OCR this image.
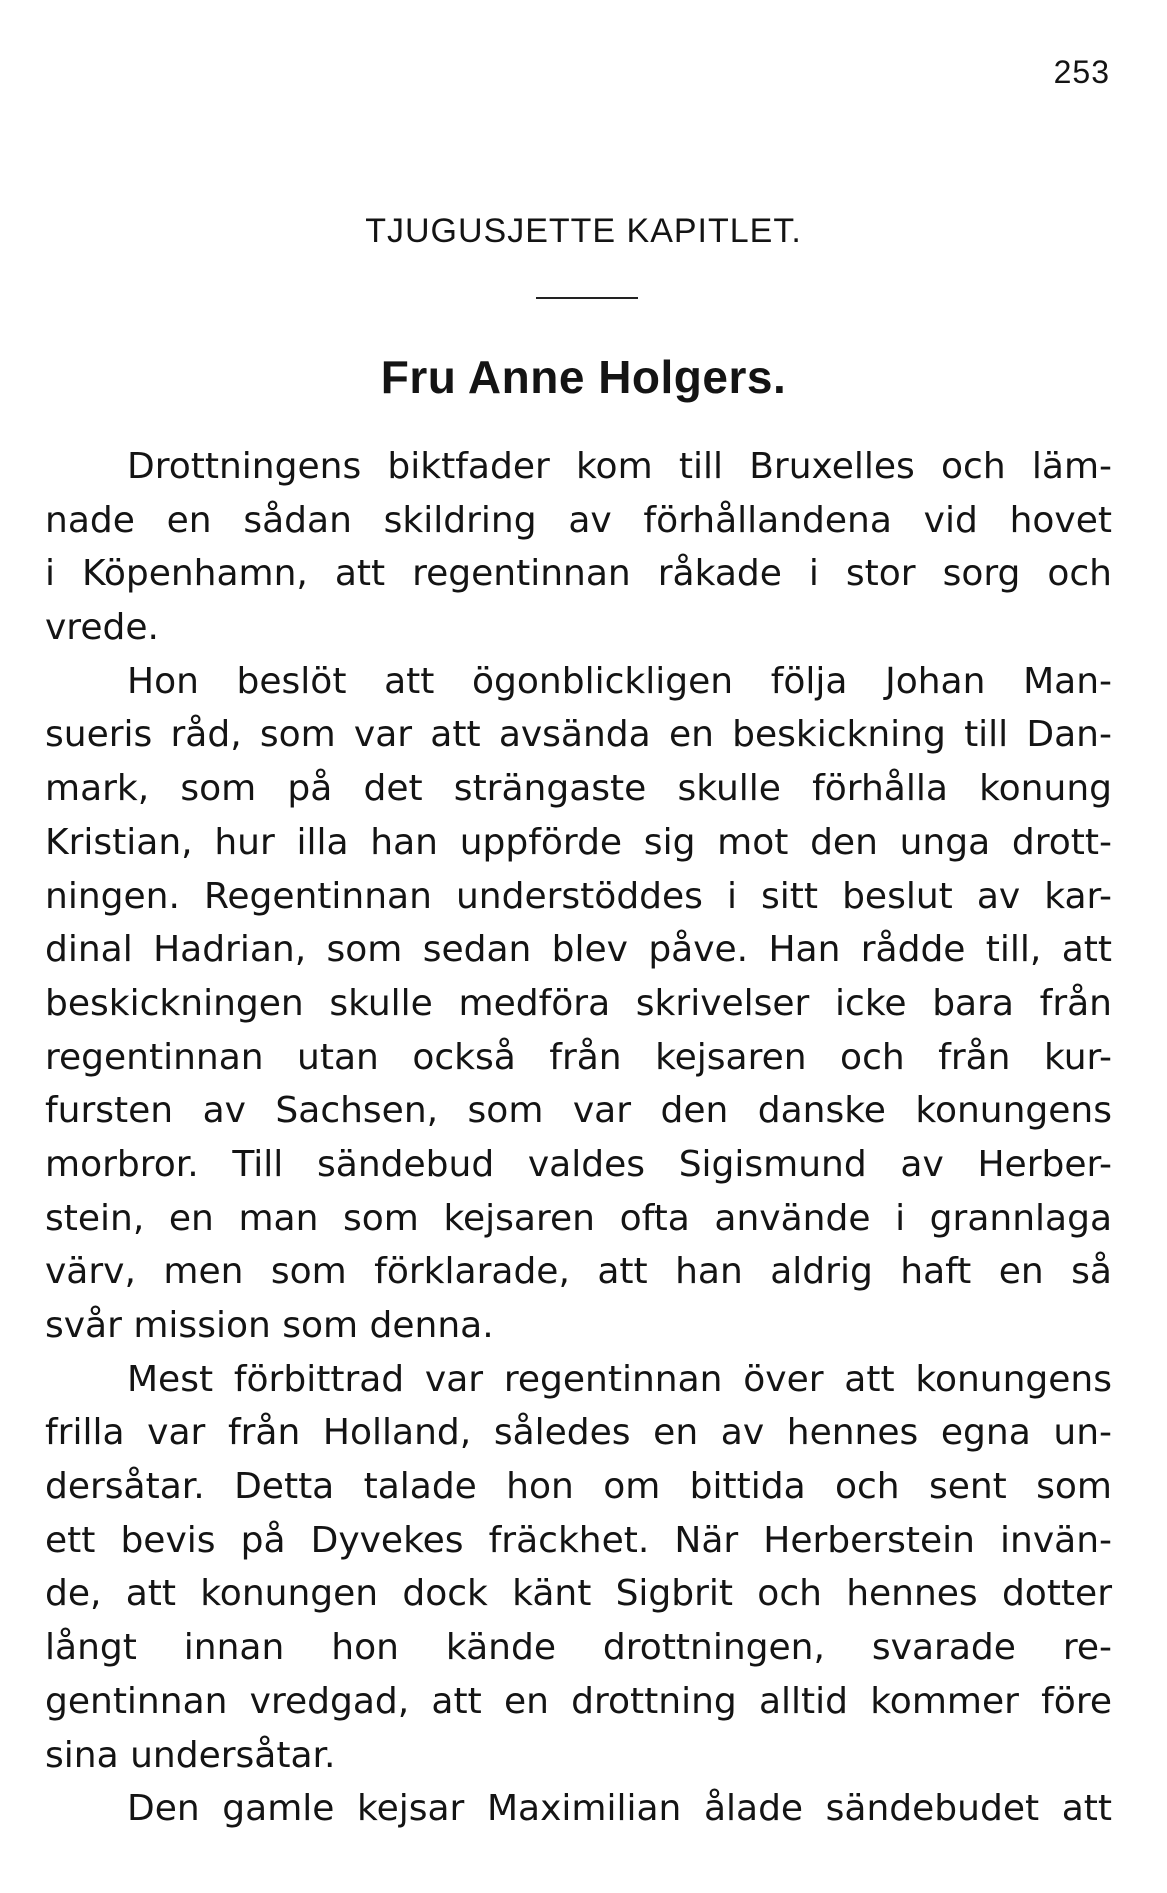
253
TJUGUSJETTE KAPITLET.
Fru Anne Holgers.
Drottningens biktfader kom till Bruxelles och läm-
nade en sådan skildring av förhållandena vid hovet
i Köpenhamn, att regentinnan råkade i stor sorg och
vrede.
Hon beslöt att ögonblickligen följa Johan Man-
sueris råd, som var att avsända en beskickning till Dan-
mark, som på det strängaste skulle förhålla konung
Kristian, hur illa han uppförde sig mot den unga drott-
ningen. Regentinnan understöddes i sitt beslut av kar-
dinal Hadrian, som sedan blev påve. Han rådde till, att
beskickningen skulle medföra skrivelser icke bara från
regentinnan utan också från kejsaren och från kur-
fursten av Sachsen, som var den danske konungens
morbror. Till sändebud valdes Sigismund av Herber-
stein, en man som kejsaren ofta använde i grannlaga
värv, men som förklarade, att han aldrig haft en så
svår mission som denna.
Mest förbittrad var regentinnan över att konungens
frilla var från Holland, således en av hennes egna un-
dersåtar. Detta talade hon om bittida och sent som
ett bevis på Dyvekes fräckhet. När Herberstein invän-
de, att konungen dock känt Sigbrit och hennes dotter
långt innan hon kände drottningen, svarade re-
gentinnan vredgad, att en drottning alltid kommer före
sina undersåtar.
Den gamle kejsar Maximilian ålade sändebudet att
